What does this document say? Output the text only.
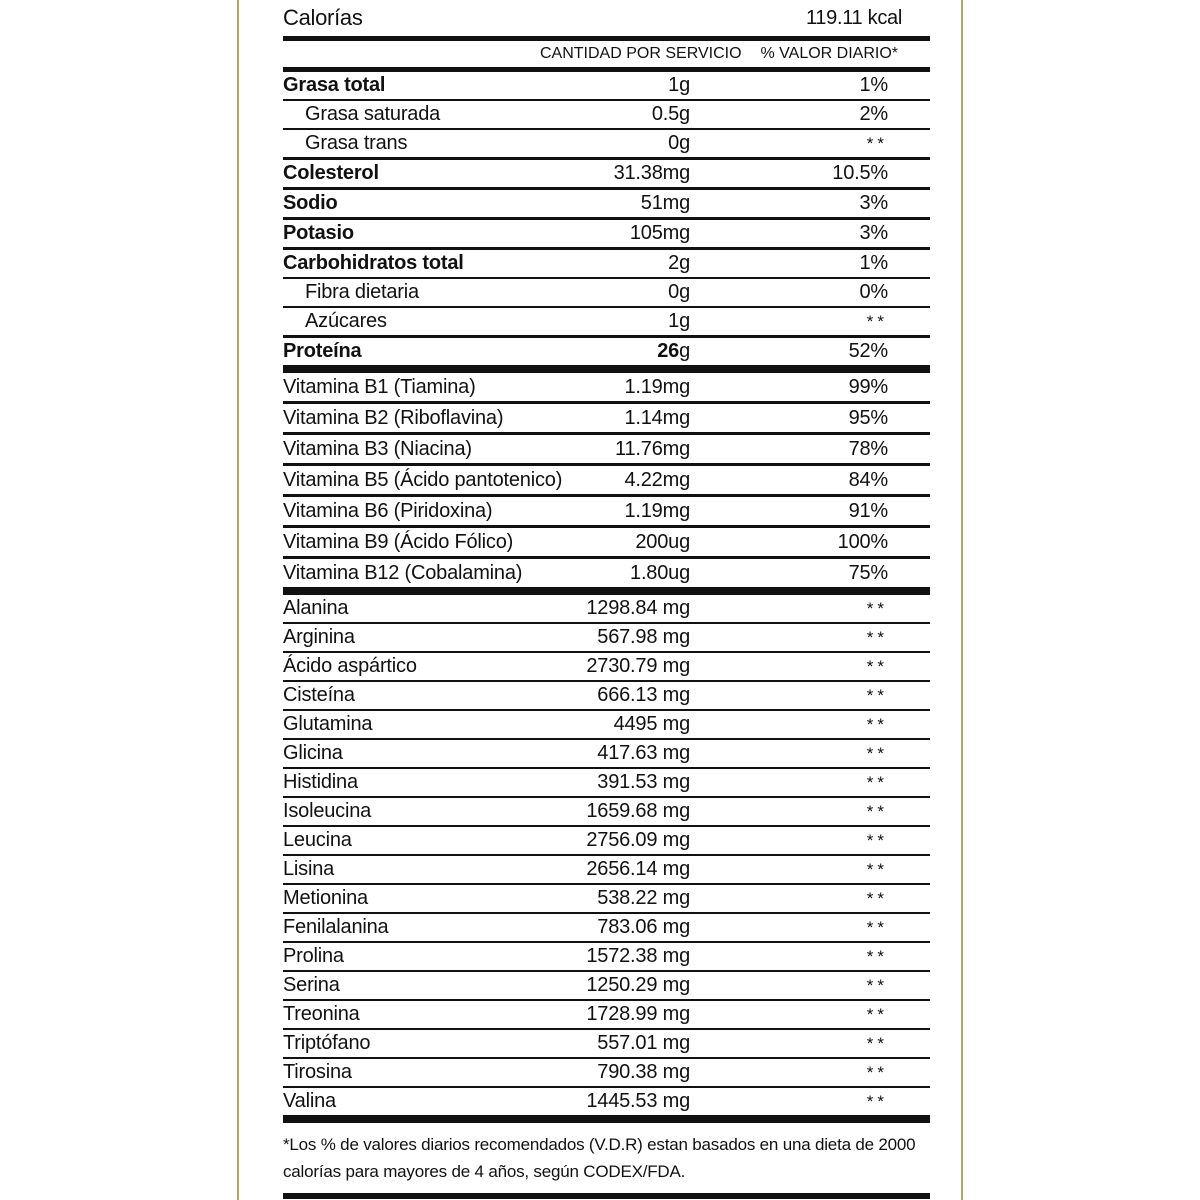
Calorías	119.11 kcal
CANTIDAD POR SERVICIO	% VALOR DIARIO*
Grasa total	1g	1%
Grasa saturada	0.5g	2%
Grasa trans	0g	**
Colesterol	31.38mg	10.5%
Sodio	51mg	3%
Potasio	105mg	3%
Carbohidratos total	2g	1%
Fibra dietaria	0g	0%
Azúcares	1g	**
Proteína	26g	52%
Vitamina B1 (Tiamina)	1.19mg	99%
Vitamina B2 (Riboflavina)	1.14mg	95%
Vitamina B3 (Niacina)	11.76mg	78%
Vitamina B5 (Ácido pantotenico)	4.22mg	84%
Vitamina B6 (Piridoxina)	1.19mg	91%
Vitamina B9 (Ácido Fólico)	200ug	100%
Vitamina B12 (Cobalamina)	1.80ug	75%
Alanina	1298.84 mg	**
Arginina	567.98 mg	**
Ácido aspártico	2730.79 mg	**
Cisteína	666.13 mg	**
Glutamina	4495 mg	**
Glicina	417.63 mg	**
Histidina	391.53 mg	**
Isoleucina	1659.68 mg	**
Leucina	2756.09 mg	**
Lisina	2656.14 mg	**
Metionina	538.22 mg	**
Fenilalanina	783.06 mg	**
Prolina	1572.38 mg	**
Serina	1250.29 mg	**
Treonina	1728.99 mg	**
Triptófano	557.01 mg	**
Tirosina	790.38 mg	**
Valina	1445.53 mg	**

*Los % de valores diarios recomendados (V.D.R) estan basados en una dieta de 2000 calorías para mayores de 4 años, según CODEX/FDA.
